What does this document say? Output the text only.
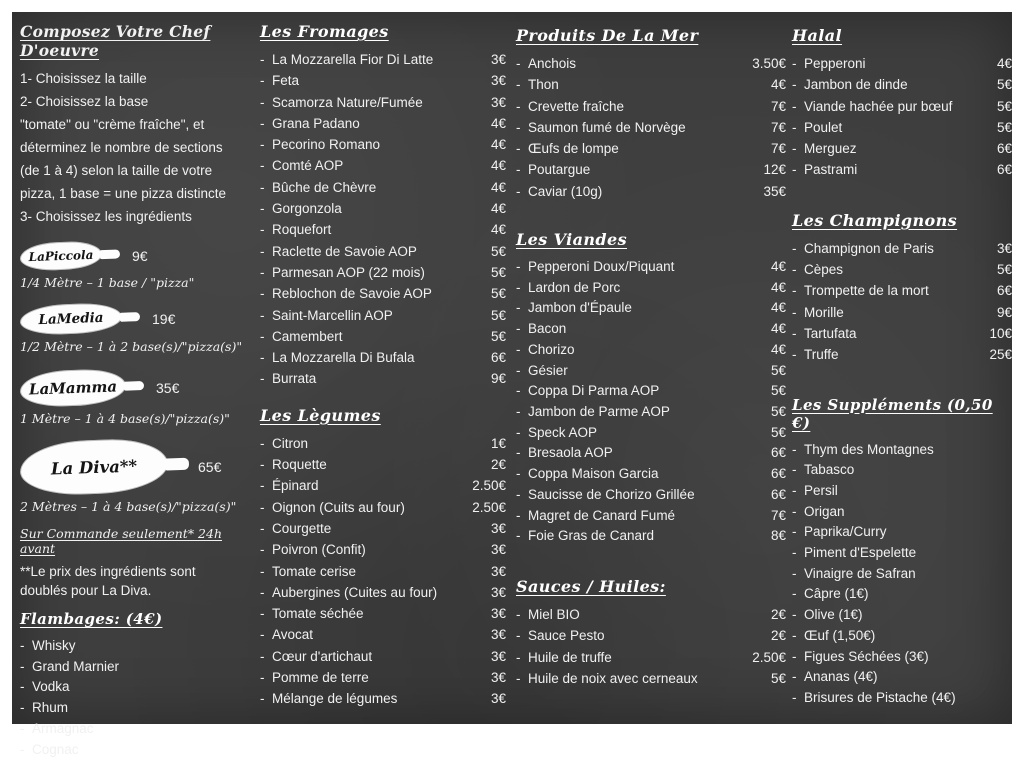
Composez Votre Chef D'oeuvre
1- Choisissez la taille
2- Choisissez la base
"tomate" ou "crème fraîche", et
déterminez le nombre de sections
(de 1 à 4) selon la taille de votre
pizza, 1 base = une pizza distincte
3- Choisissez les ingrédients
LaPiccola	9€
1/4 Mètre – 1 base / "pizza"
LaMedia	19€
1/2 Mètre – 1 à 2 base(s)/"pizza(s)"
LaMamma	35€
1 Mètre – 1 à 4 base(s)/"pizza(s)"
La Diva**	65€
2 Mètres – 1 à 4 base(s)/"pizza(s)"
Sur Commande seulement* 24h avant
**Le prix des ingrédients sont
doublés pour La Diva.
Flambages: (4€)
- Whisky
- Grand Marnier
- Vodka
- Rhum
- Armagnac
- Cognac
Les Fromages
- La Mozzarella Fior Di Latte	3€
- Feta	3€
- Scamorza Nature/Fumée	3€
- Grana Padano	4€
- Pecorino Romano	4€
- Comté AOP	4€
- Bûche de Chèvre	4€
- Gorgonzola	4€
- Roquefort	4€
- Raclette de Savoie AOP	5€
- Parmesan AOP (22 mois)	5€
- Reblochon de Savoie AOP	5€
- Saint-Marcellin AOP	5€
- Camembert	5€
- La Mozzarella Di Bufala	6€
- Burrata	9€
Les Lègumes
- Citron	1€
- Roquette	2€
- Épinard	2.50€
- Oignon (Cuits au four)	2.50€
- Courgette	3€
- Poivron (Confit)	3€
- Tomate cerise	3€
- Aubergines (Cuites au four)	3€
- Tomate séchée	3€
- Avocat	3€
- Cœur d'artichaut	3€
- Pomme de terre	3€
- Mélange de légumes	3€
Produits De La Mer
- Anchois	3.50€
- Thon	4€
- Crevette fraîche	7€
- Saumon fumé de Norvège	7€
- Œufs de lompe	7€
- Poutargue	12€
- Caviar (10g)	35€
Les Viandes
- Pepperoni Doux/Piquant	4€
- Lardon de Porc	4€
- Jambon d'Épaule	4€
- Bacon	4€
- Chorizo	4€
- Gésier	5€
- Coppa Di Parma AOP	5€
- Jambon de Parme AOP	5€
- Speck AOP	5€
- Bresaola AOP	6€
- Coppa Maison Garcia	6€
- Saucisse de Chorizo Grillée	6€
- Magret de Canard Fumé	7€
- Foie Gras de Canard	8€
Sauces / Huiles:
- Miel BIO	2€
- Sauce Pesto	2€
- Huile de truffe	2.50€
- Huile de noix avec cerneaux	5€
Halal
- Pepperoni	4€
- Jambon de dinde	5€
- Viande hachée pur bœuf	5€
- Poulet	5€
- Merguez	6€
- Pastrami	6€
Les Champignons
- Champignon de Paris	3€
- Cèpes	5€
- Trompette de la mort	6€
- Morille	9€
- Tartufata	10€
- Truffe	25€
Les Suppléments (0,50 €)
- Thym des Montagnes
- Tabasco
- Persil
- Origan
- Paprika/Curry
- Piment d'Espelette
- Vinaigre de Safran
- Câpre (1€)
- Olive (1€)
- Œuf (1,50€)
- Figues Séchées (3€)
- Ananas (4€)
- Brisures de Pistache (4€)
